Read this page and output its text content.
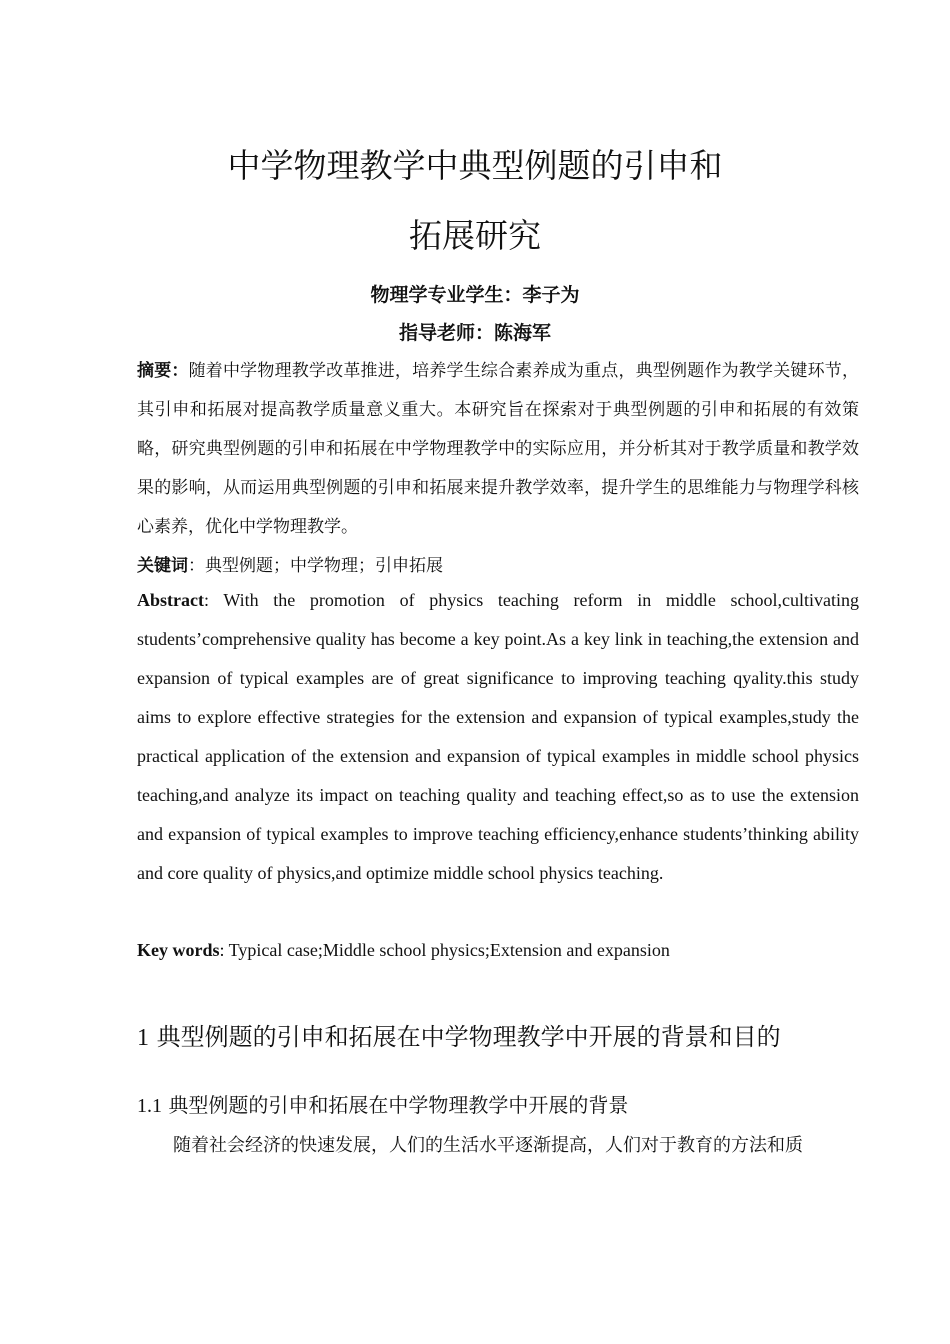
中学物理教学中典型例题的引申和
拓展研究
物理学专业学生：李子为
指导老师：陈海军
摘要：随着中学物理教学改革推进，培养学生综合素养成为重点，典型例题作为教学关键环节，其引申和拓展对提高教学质量意义重大。本研究旨在探索对于典型例题的引申和拓展的有效策略，研究典型例题的引申和拓展在中学物理教学中的实际应用，并分析其对于教学质量和教学效果的影响，从而运用典型例题的引申和拓展来提升教学效率，提升学生的思维能力与物理学科核心素养，优化中学物理教学。
关键词：典型例题；中学物理；引申拓展
Abstract: With the promotion of physics teaching reform in middle school,cultivating students’comprehensive quality has become a key point.As a key link in teaching,the extension and expansion of typical examples are of great significance to improving teaching qyality.this study aims to explore effective strategies for the extension and expansion of typical examples,study the practical application of the extension and expansion of typical examples in middle school physics teaching,and analyze its impact on teaching quality and teaching effect,so as to use the extension and expansion of typical examples to improve teaching efficiency,enhance students’thinking ability and core quality of physics,and optimize middle school physics teaching.
Key words: Typical case;Middle school physics;Extension and expansion
1 典型例题的引申和拓展在中学物理教学中开展的背景和目的
1.1 典型例题的引申和拓展在中学物理教学中开展的背景
随着社会经济的快速发展，人们的生活水平逐渐提高，人们对于教育的方法和质
